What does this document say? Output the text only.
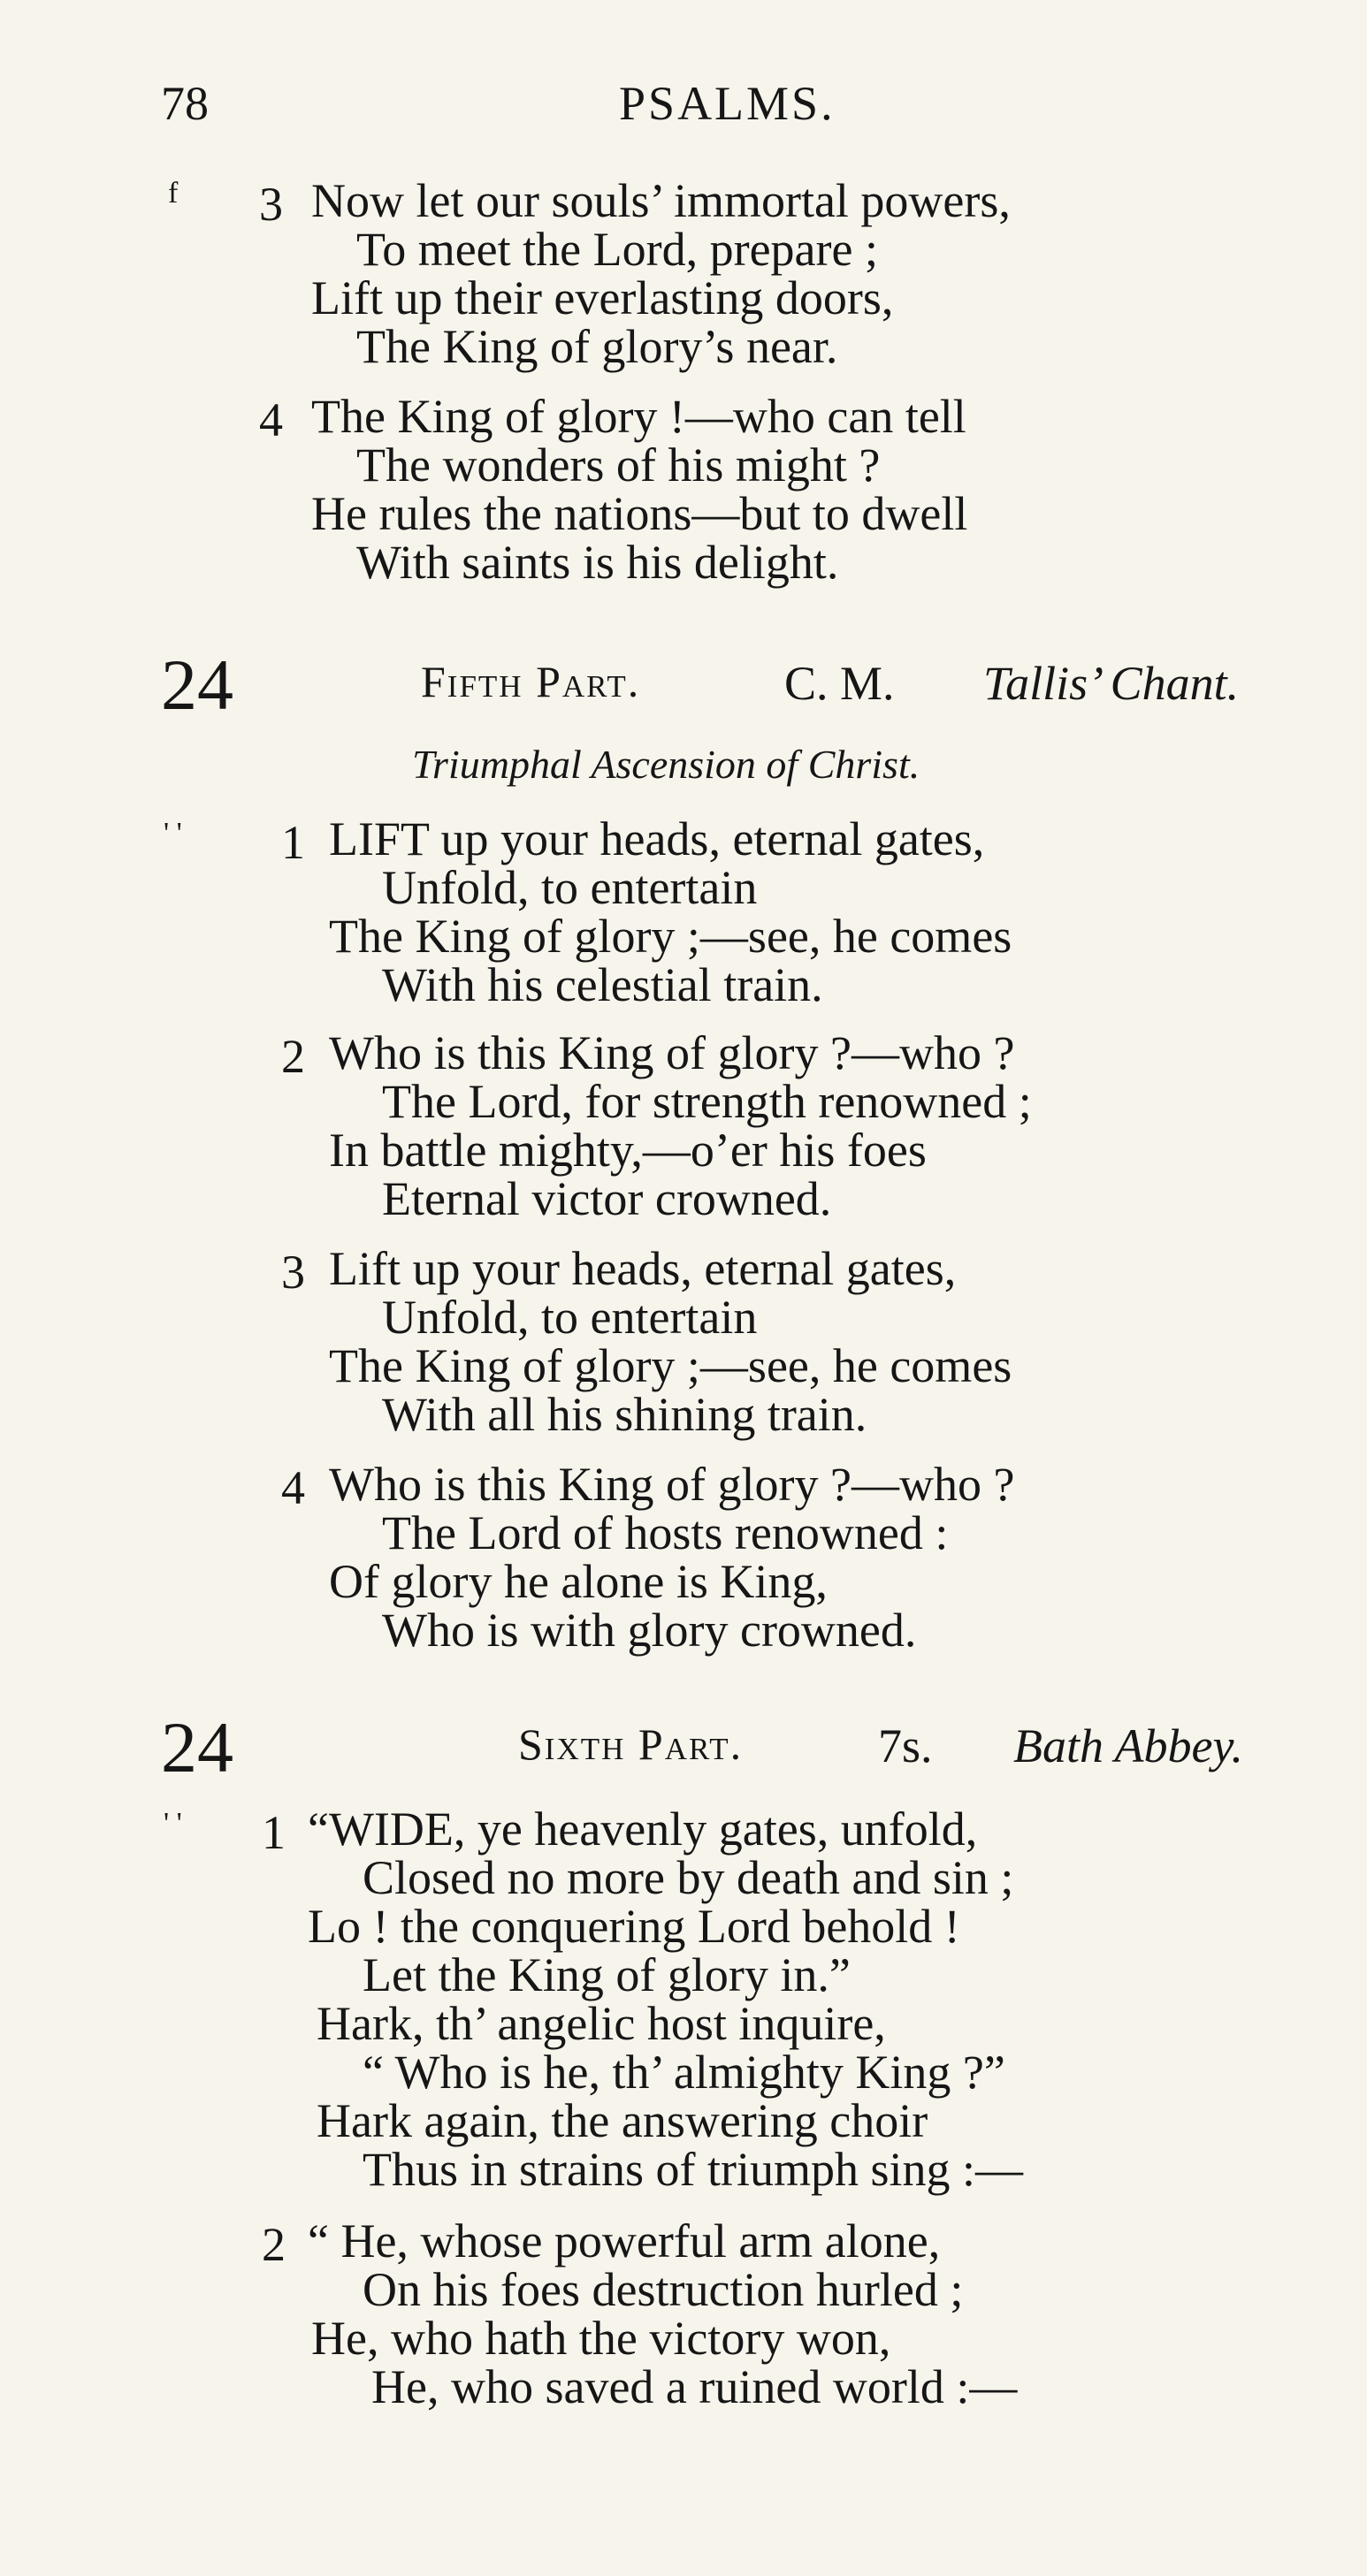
78	PSALMS.
f 3 Now let our souls’ immortal powers,
To meet the Lord, prepare ;
Lift up their everlasting doors,
The King of glory’s near.
4 The King of glory !—who can tell
The wonders of his might ?
He rules the nations—but to dwell
With saints is his delight.
24	Fifth Part.	C. M. Tallis’ Chant.
Triumphal Ascension of Christ.
' ' 1 LIFT up your heads, eternal gates,
Unfold, to entertain
The King of glory ;—see, he comes
With his celestial train.
2 Who is this King of glory ?—who ?
The Lord, for strength renowned ;
In battle mighty,—o’er his foes
Eternal victor crowned.
3 Lift up your heads, eternal gates,
Unfold, to entertain
The King of glory ;—see, he comes
With all his shining train.
4 Who is this King of glory ?—who ?
The Lord of hosts renowned :
Of glory he alone is King,
Who is with glory crowned.
24	Sixth Part.	7s. Bath Abbey.
' ' 1 “WIDE, ye heavenly gates, unfold,
Closed no more by death and sin ;
Lo ! the conquering Lord behold !
Let the King of glory in.”
Hark, th’ angelic host inquire,
“ Who is he, th’ almighty King ?”
Hark again, the answering choir
Thus in strains of triumph sing :—
2 “ He, whose powerful arm alone,
On his foes destruction hurled ;
He, who hath the victory won,
He, who saved a ruined world :—
